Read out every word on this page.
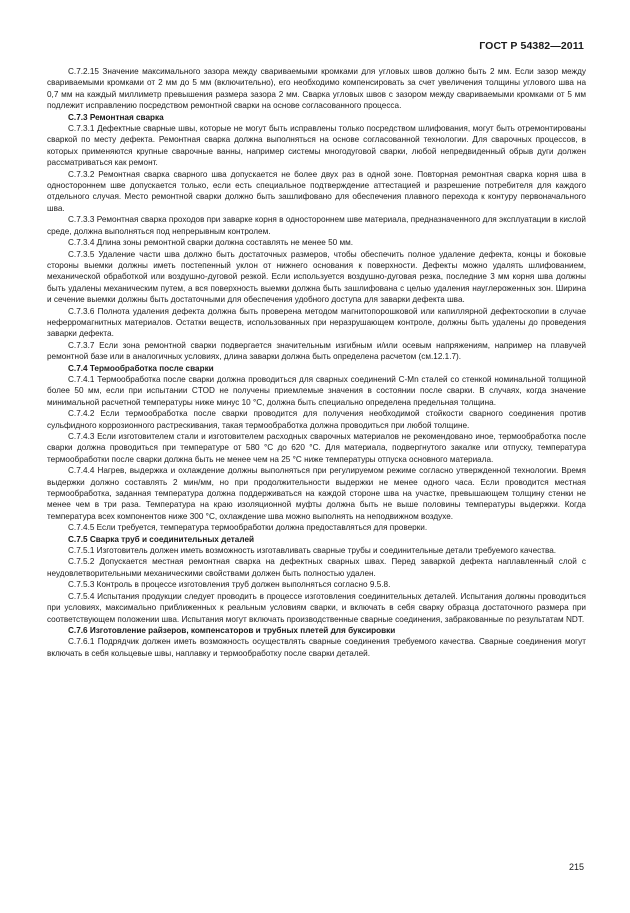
ГОСТ Р 54382—2011

С.7.2.15 Значение максимального зазора между свариваемыми кромками для угловых швов должно быть 2 мм. Если зазор между свариваемыми кромками от 2 мм до 5 мм (включительно), его необходимо компенсировать за счет увеличения толщины углового шва на 0,7 мм на каждый миллиметр превышения размера зазора 2 мм. Сварка угловых швов с зазором между свариваемыми кромками от 5 мм подлежит исправлению посредством ремонтной сварки на основе согласованного процесса.

С.7.3 Ремонтная сварка

С.7.3.1 Дефектные сварные швы, которые не могут быть исправлены только посредством шлифования, могут быть отремонтированы сваркой по месту дефекта. Ремонтная сварка должна выполняться на основе согласованной технологии. Для сварочных процессов, в которых применяются крупные сварочные ванны, например системы многодуговой сварки, любой непредвиденный обрыв дуги должен рассматриваться как ремонт.

С.7.3.2 Ремонтная сварка сварного шва допускается не более двух раз в одной зоне. Повторная ремонтная сварка корня шва в одностороннем шве допускается только, если есть специальное подтверждение аттестацией и разрешение потребителя для каждого отдельного случая. Место ремонтной сварки должно быть зашлифовано для обеспечения плавного перехода к контуру первоначального шва.

С.7.3.3 Ремонтная сварка проходов при заварке корня в одностороннем шве материала, предназначенного для эксплуатации в кислой среде, должна выполняться под непрерывным контролем.

С.7.3.4 Длина зоны ремонтной сварки должна составлять не менее 50 мм.

С.7.3.5 Удаление части шва должно быть достаточных размеров, чтобы обеспечить полное удаление дефекта, концы и боковые стороны выемки должны иметь постепенный уклон от нижнего основания к поверхности. Дефекты можно удалять шлифованием, механической обработкой или воздушно-дуговой резкой. Если используется воздушно-дуговая резка, последние 3 мм корня шва должны быть удалены механическим путем, а вся поверхность выемки должна быть зашлифована с целью удаления науглероженных зон. Ширина и сечение выемки должны быть достаточными для обеспечения удобного доступа для заварки дефекта шва.

С.7.3.6 Полнота удаления дефекта должна быть проверена методом магнитопорошковой или капиллярной дефектоскопии в случае неферромагнитных материалов. Остатки веществ, использованных при неразрушающем контроле, должны быть удалены до проведения заварки дефекта.

С.7.3.7 Если зона ремонтной сварки подвергается значительным изгибным и/или осевым напряжениям, например на плавучей ремонтной базе или в аналогичных условиях, длина заварки должна быть определена расчетом (см.12.1.7).

С.7.4 Термообработка после сварки

С.7.4.1 Термообработка после сварки должна проводиться для сварных соединений С-Mn сталей со стенкой номинальной толщиной более 50 мм, если при испытании CTOD не получены приемлемые значения в состоянии после сварки. В случаях, когда значение минимальной расчетной температуры ниже минус 10 °С, должна быть специально определена предельная толщина.

С.7.4.2 Если термообработка после сварки проводится для получения необходимой стойкости сварного соединения против сульфидного коррозионного растрескивания, такая термообработка должна проводиться при любой толщине.

С.7.4.3 Если изготовителем стали и изготовителем расходных сварочных материалов не рекомендовано иное, термообработка после сварки должна проводиться при температуре от 580 °С до 620 °С. Для материала, подвергнутого закалке или отпуску, температура термообработки после сварки должна быть не менее чем на 25 °С ниже температуры отпуска основного материала.

С.7.4.4 Нагрев, выдержка и охлаждение должны выполняться при регулируемом режиме согласно утвержденной технологии. Время выдержки должно составлять 2 мин/мм, но при продолжительности выдержки не менее одного часа. Если проводится местная термообработка, заданная температура должна поддерживаться на каждой стороне шва на участке, превышающем толщину стенки не менее чем в три раза. Температура на краю изоляционной муфты должна быть не выше половины температуры выдержки. Когда температура всех компонентов ниже 300 °С, охлаждение шва можно выполнять на неподвижном воздухе.

С.7.4.5 Если требуется, температура термообработки должна предоставляться для проверки.

С.7.5 Сварка труб и соединительных деталей

С.7.5.1 Изготовитель должен иметь возможность изготавливать сварные трубы и соединительные детали требуемого качества.

С.7.5.2 Допускается местная ремонтная сварка на дефектных сварных швах. Перед заваркой дефекта наплавленный слой с неудовлетворительными механическими свойствами должен быть полностью удален.

С.7.5.3 Контроль в процессе изготовления труб должен выполняться согласно 9.5.8.

С.7.5.4 Испытания продукции следует проводить в процессе изготовления соединительных деталей. Испытания должны проводиться при условиях, максимально приближенных к реальным условиям сварки, и включать в себя сварку образца достаточного размера при соответствующем положении шва. Испытания могут включать производственные сварные соединения, забракованные по результатам NDT.

С.7.6 Изготовление райзеров, компенсаторов и трубных плетей для буксировки

С.7.6.1 Подрядчик должен иметь возможность осуществлять сварные соединения требуемого качества. Сварные соединения могут включать в себя кольцевые швы, наплавку и термообработку после сварки деталей.

215
